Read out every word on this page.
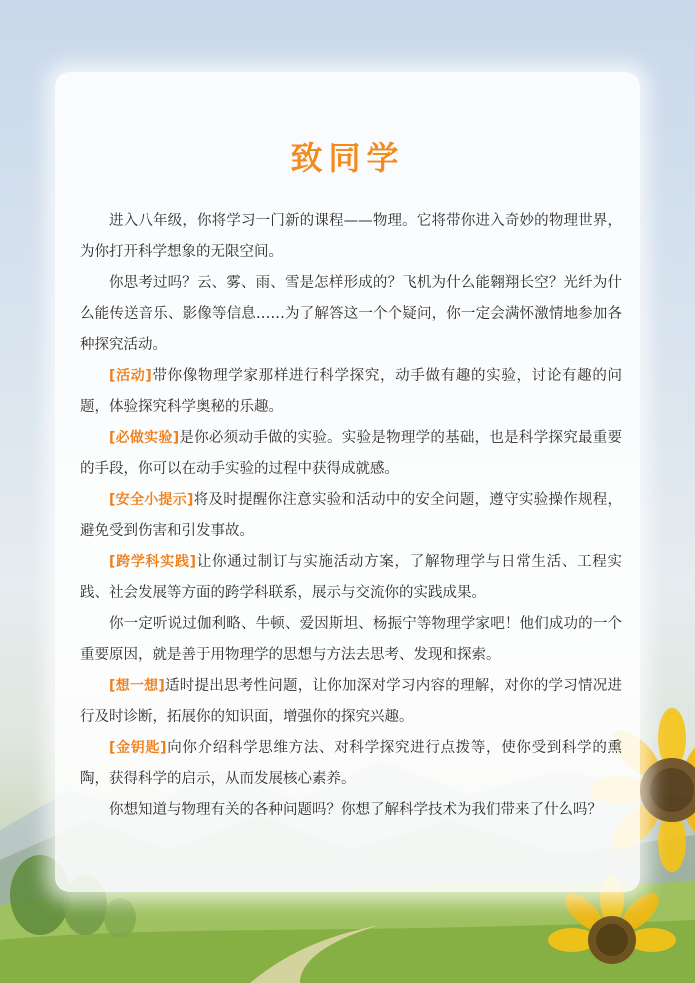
致同学

进入八年级，你将学习一门新的课程——物理。它将带你进入奇妙的物理世界，为你打开科学想象的无限空间。

你思考过吗？云、雾、雨、雪是怎样形成的？飞机为什么能翱翔长空？光纤为什么能传送音乐、影像等信息……为了解答这一个个疑问，你一定会满怀激情地参加各种探究活动。

[活动]带你像物理学家那样进行科学探究，动手做有趣的实验，讨论有趣的问题，体验探究科学奥秘的乐趣。

[必做实验]是你必须动手做的实验。实验是物理学的基础，也是科学探究最重要的手段，你可以在动手实验的过程中获得成就感。

[安全小提示]将及时提醒你注意实验和活动中的安全问题，遵守实验操作规程，避免受到伤害和引发事故。

[跨学科实践]让你通过制订与实施活动方案，了解物理学与日常生活、工程实践、社会发展等方面的跨学科联系，展示与交流你的实践成果。

你一定听说过伽利略、牛顿、爱因斯坦、杨振宁等物理学家吧！他们成功的一个重要原因，就是善于用物理学的思想与方法去思考、发现和探索。

[想一想]适时提出思考性问题，让你加深对学习内容的理解，对你的学习情况进行及时诊断，拓展你的知识面，增强你的探究兴趣。

[金钥匙]向你介绍科学思维方法、对科学探究进行点拨等，使你受到科学的熏陶，获得科学的启示，从而发展核心素养。

你想知道与物理有关的各种问题吗？你想了解科学技术为我们带来了什么吗？
